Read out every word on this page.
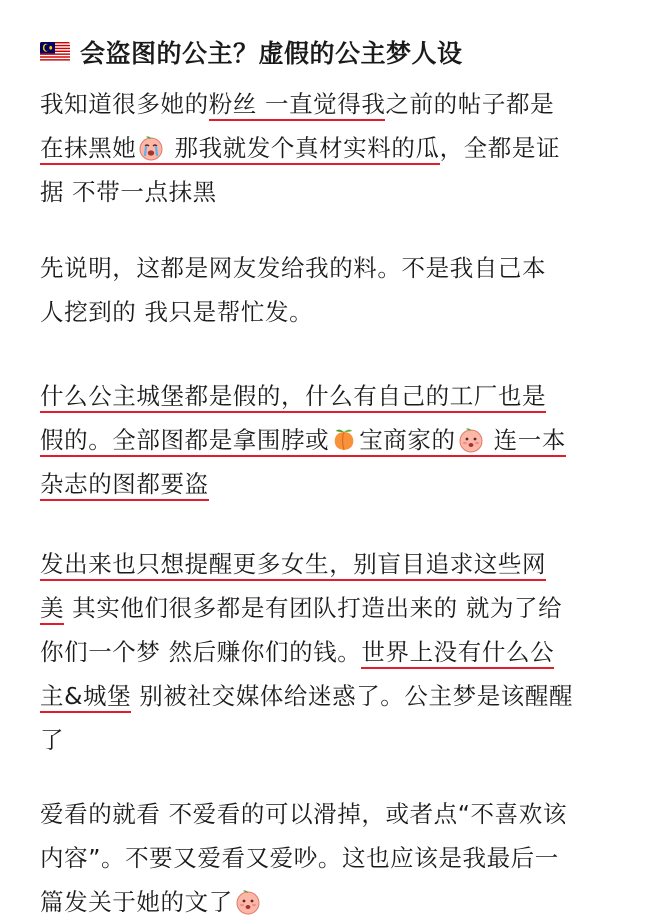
会盗图的公主？虚假的公主梦人设
我知道很多她的粉丝 一直觉得我之前的帖子都是
在抹黑她 那我就发个真材实料的瓜，全都是证
据 不带一点抹黑
先说明，这都是网友发给我的料。不是我自己本
人挖到的 我只是帮忙发。
什么公主城堡都是假的，什么有自己的工厂也是
假的。全部图都是拿围脖或 宝商家的 连一本
杂志的图都要盗
发出来也只想提醒更多女生，别盲目追求这些网
美 其实他们很多都是有团队打造出来的 就为了给
你们一个梦 然后赚你们的钱。世界上没有什么公
主&城堡 别被社交媒体给迷惑了。公主梦是该醒醒
了
爱看的就看 不爱看的可以滑掉，或者点“不喜欢该
内容”。不要又爱看又爱吵。这也应该是我最后一
篇发关于她的文了
